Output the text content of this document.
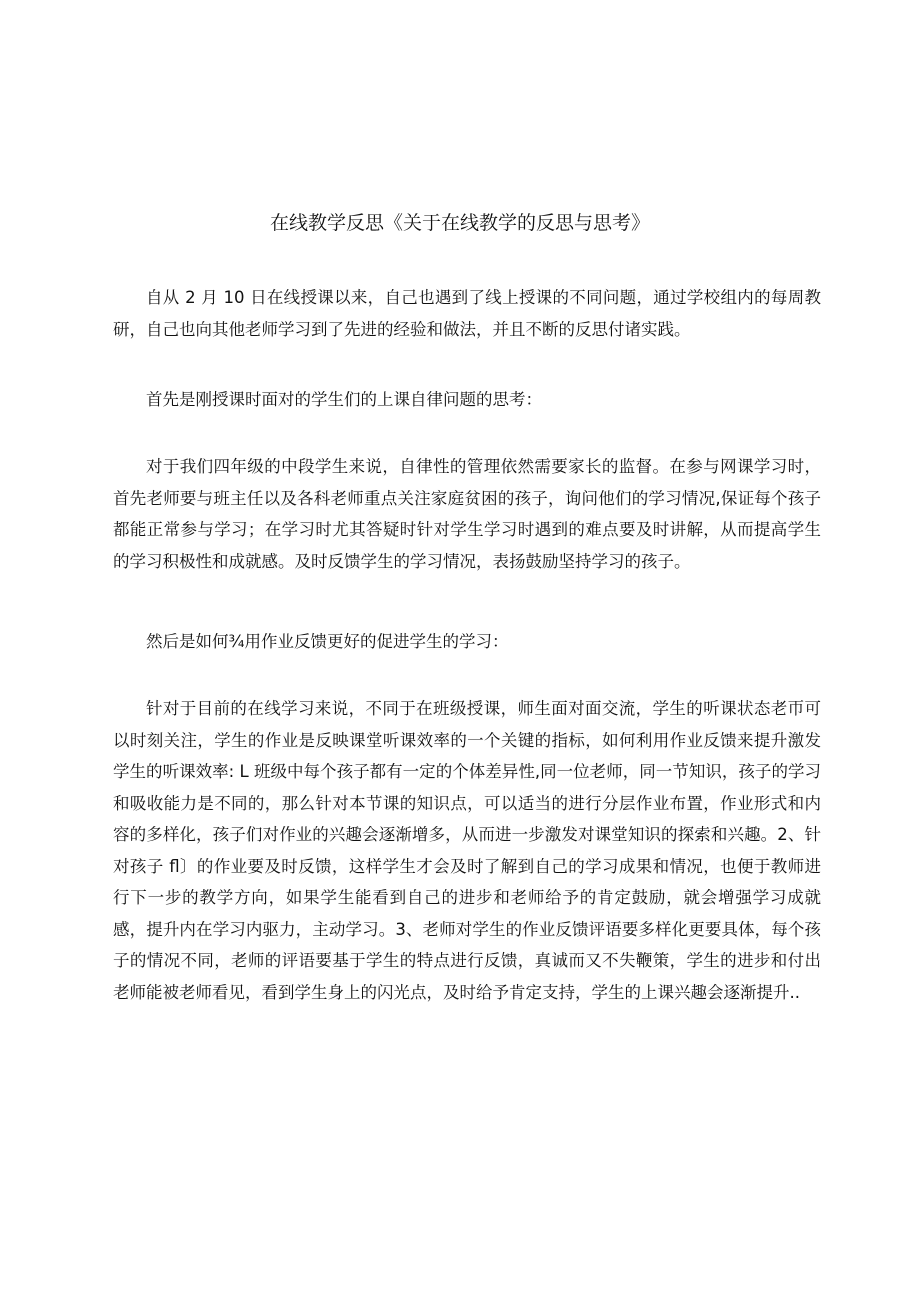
在线教学反思《关于在线教学的反思与思考》

自从 2 月 10 日在线授课以来，自己也遇到了线上授课的不同问题，通过学校组内的每周教研，自己也向其他老师学习到了先进的经验和做法，并且不断的反思付诸实践。

首先是刚授课时面对的学生们的上课自律问题的思考：

对于我们四年级的中段学生来说，自律性的管理依然需要家长的监督。在参与网课学习时，首先老师要与班主任以及各科老师重点关注家庭贫困的孩子，询问他们的学习情况,保证每个孩子都能正常参与学习；在学习时尤其答疑时针对学生学习时遇到的难点要及时讲解，从而提高学生的学习积极性和成就感。及时反馈学生的学习情况，表扬鼓励坚持学习的孩子。

然后是如何¾用作业反馈更好的促进学生的学习：

针对于目前的在线学习来说，不同于在班级授课，师生面对面交流，学生的听课状态老帀可以时刻关注，学生的作业是反映课堂听课效率的一个关键的指标，如何利用作业反馈来提升激发学生的听课效率: L 班级中每个孩子都有一定的个体差异性,同一位老师，同一节知识，孩子的学习和吸收能力是不同的，那么针对本节课的知识点，可以适当的进行分层作业布置，作业形式和内容的多样化，孩子们对作业的兴趣会逐渐增多，从而进一步激发对课堂知识的探索和兴趣。2、针对孩子 fl〕的作业要及时反馈，这样学生才会及时了解到自己的学习成果和情况，也便于教师进行下一步的教学方向，如果学生能看到自己的进步和老师给予的肯定鼓励，就会增强学习成就感，提升内在学习内驱力，主动学习。3、老师对学生的作业反馈评语要多样化更要具体，每个孩子的情况不同，老师的评语要基于学生的特点进行反馈，真诚而又不失鞭策，学生的进步和付出老师能被老师看见，看到学生身上的闪光点，及时给予肯定支持，学生的上课兴趣会逐渐提升..
